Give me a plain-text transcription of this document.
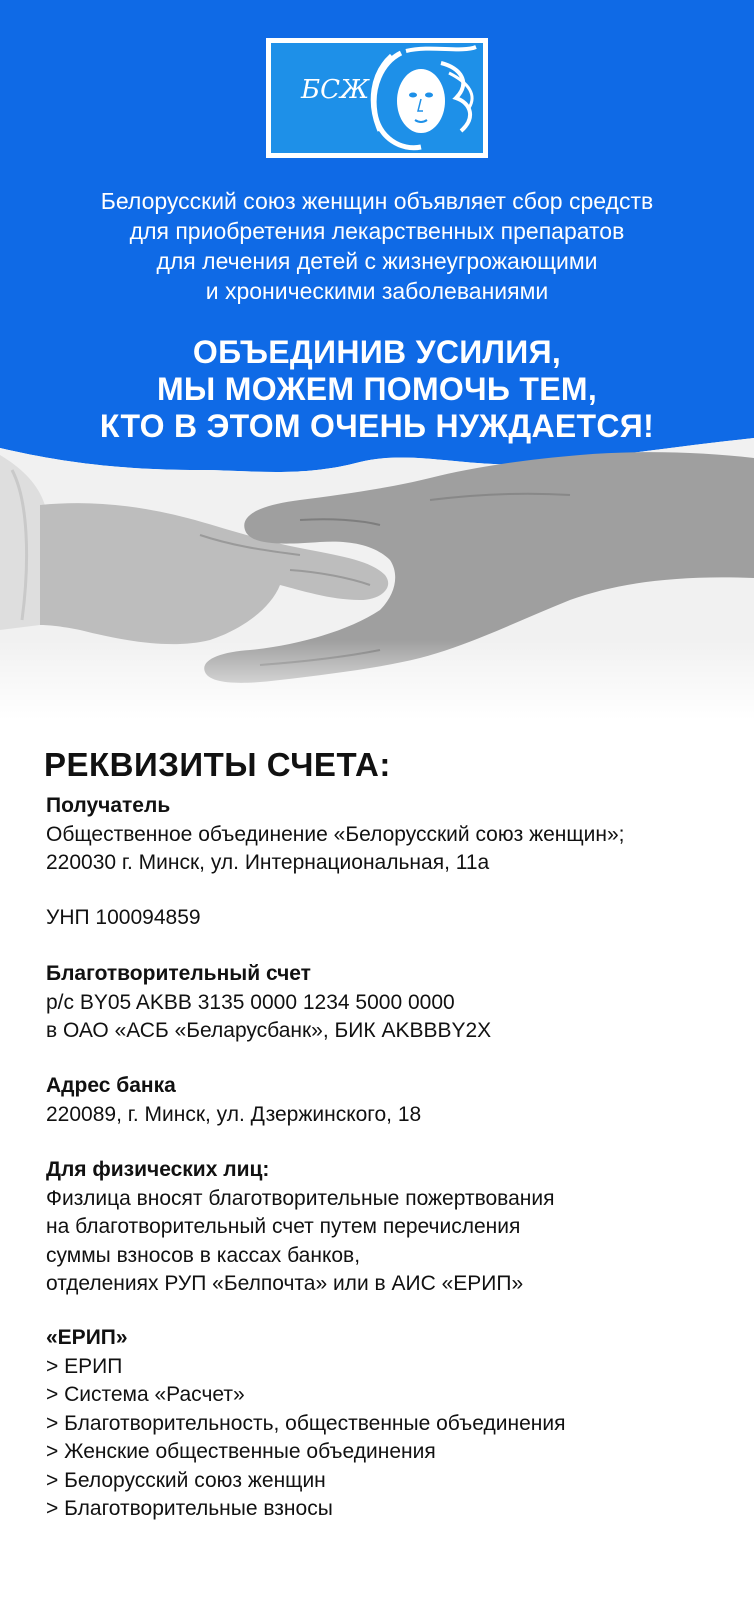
БСЖ
Белорусский союз женщин объявляет сбор средств
для приобретения лекарственных препаратов
для лечения детей с жизнеугрожающими
и хроническими заболеваниями
ОБЪЕДИНИВ УСИЛИЯ,
МЫ МОЖЕМ ПОМОЧЬ ТЕМ,
КТО В ЭТОМ ОЧЕНЬ НУЖДАЕТСЯ!
РЕКВИЗИТЫ СЧЕТА:
Получатель
Общественное объединение «Белорусский союз женщин»;
220030 г. Минск, ул. Интернациональная, 11а
УНП 100094859
Благотворительный счет
р/с BY05 AKBB 3135 0000 1234 5000 0000
в ОАО «АСБ «Беларусбанк», БИК AKBBBY2X
Адрес банка
220089, г. Минск, ул. Дзержинского, 18
Для физических лиц:
Физлица вносят благотворительные пожертвования
на благотворительный счет путем перечисления
суммы взносов в кассах банков,
отделениях РУП «Белпочта» или в АИС «ЕРИП»
«ЕРИП»
> ЕРИП
> Система «Расчет»
> Благотворительность, общественные объединения
> Женские общественные объединения
> Белорусский союз женщин
> Благотворительные взносы
